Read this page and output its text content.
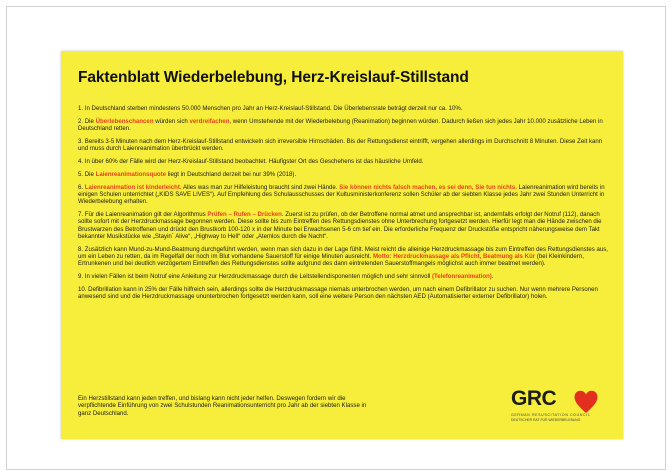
Faktenblatt Wiederbelebung, Herz-Kreislauf-Stillstand

1. In Deutschland sterben mindestens 50.000 Menschen pro Jahr an Herz-Kreislauf-Stillstand. Die Überlebensrate beträgt derzeit nur ca. 10%.

2. Die Überlebenschancen würden sich verdreifachen, wenn Umstehende mit der Wiederbelebung (Reanimation) beginnen würden. Dadurch ließen sich jedes Jahr 10.000 zusätzliche Leben in Deutschland retten.

3. Bereits 3-5 Minuten nach dem Herz-Kreislauf-Stillstand entwickeln sich irreversible Hirnschäden. Bis der Rettungsdienst eintrifft, vergehen allerdings im Durchschnitt 8 Minuten. Diese Zeit kann und muss durch Laienreanimation überbrückt werden.

4. In über 60% der Fälle wird der Herz-Kreislauf-Stillstand beobachtet. Häufigster Ort des Geschehens ist das häusliche Umfeld.

5. Die Laienreanimationsquote liegt in Deutschland derzeit bei nur 39% (2018).

6. Laienreanimation ist kinderleicht. Alles was man zur Hilfeleistung braucht sind zwei Hände. Sie können nichts falsch machen, es sei denn, Sie tun nichts. Laienreanimation wird bereits in einigen Schulen unterrichtet („KIDS SAVE LIVES“). Auf Empfehlung des Schulausschusses der Kultusministerkonferenz sollen Schüler ab der siebten Klasse jedes Jahr zwei Stunden Unterricht in Wiederbelebung erhalten.

7. Für die Laienreanimation gilt der Algorithmus Prüfen – Rufen – Drücken. Zuerst ist zu prüfen, ob der Betroffene normal atmet und ansprechbar ist, andernfalls erfolgt der Notruf (112), danach sollte sofort mit der Herzdruckmassage begonnen werden. Diese sollte bis zum Eintreffen des Rettungsdienstes ohne Unterbrechung fortgesetzt werden. Hierfür legt man die Hände zwischen die Brustwarzen des Betroffenen und drückt den Brustkorb 100-120 x in der Minute bei Erwachsenen 5-6 cm tief ein. Die erforderliche Frequenz der Druckstöße entspricht näherungsweise dem Takt bekannter Musikstücke wie „Stayin´ Alive“, „Highway to Hell“ oder „Atemlos durch die Nacht“.

8. Zusätzlich kann Mund-zu-Mund-Beatmung durchgeführt werden, wenn man sich dazu in der Lage fühlt. Meist reicht die alleinige Herzdruckmassage bis zum Eintreffen des Rettungsdienstes aus, um ein Leben zu retten, da im Regelfall der noch im Blut vorhandene Sauerstoff für einige Minuten ausreicht. Motto: Herzdruckmassage als Pflicht, Beatmung als Kür (bei Kleinkindern, Ertrunkenen und bei deutlich verzögertem Eintreffen des Rettungsdienstes sollte aufgrund des dann eintretenden Sauerstoffmangels möglichst auch immer beatmet werden).

9. In vielen Fällen ist beim Notruf eine Anleitung zur Herzdruckmassage durch die Leitstellendisponenten möglich und sehr sinnvoll (Telefonreanimation).

10. Defibrillation kann in 25% der Fälle hilfreich sein, allerdings sollte die Herzdruckmassage niemals unterbrochen werden, um nach einem Defibrillator zu suchen. Nur wenn mehrere Personen anwesend sind und die Herzdruckmassage ununterbrochen fortgesetzt werden kann, soll eine weitere Person den nächsten AED (Automatisierter externer Defibrillator) holen.

Ein Herzstillstand kann jeden treffen, und bislang kann nicht jeder helfen. Deswegen fordern wir die verpflichtende Einführung von zwei Schulstunden Reanimationsunterricht pro Jahr ab der siebten Klasse in ganz Deutschland.

GRC
GERMAN RESUSCITATION COUNCIL
DEUTSCHER RAT FÜR WIEDERBELEBUNG
